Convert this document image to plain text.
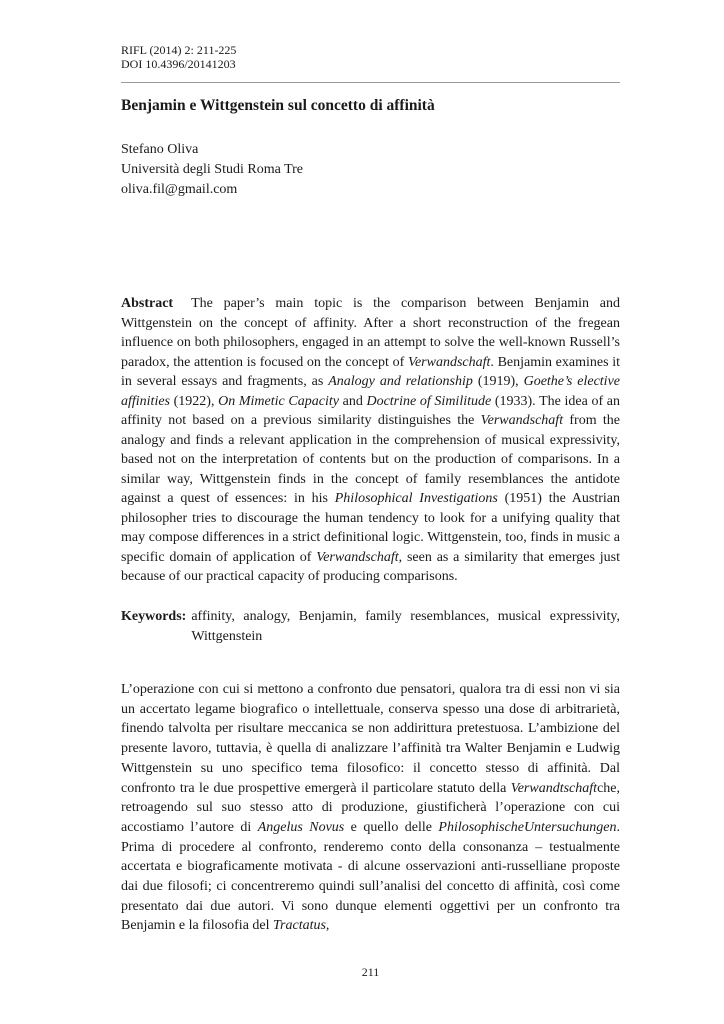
RIFL (2014) 2: 211-225
DOI 10.4396/20141203
Benjamin e Wittgenstein sul concetto di affinità
Stefano Oliva
Università degli Studi Roma Tre
oliva.fil@gmail.com

Abstract The paper’s main topic is the comparison between Benjamin and Wittgenstein on the concept of affinity. After a short reconstruction of the fregean influence on both philosophers, engaged in an attempt to solve the well-known Russell’s paradox, the attention is focused on the concept of Verwandschaft. Benjamin examines it in several essays and fragments, as Analogy and relationship (1919), Goethe’s elective affinities (1922), On Mimetic Capacity and Doctrine of Similitude (1933). The idea of an affinity not based on a previous similarity distinguishes the Verwandschaft from the analogy and finds a relevant application in the comprehension of musical expressivity, based not on the interpretation of contents but on the production of comparisons. In a similar way, Wittgenstein finds in the concept of family resemblances the antidote against a quest of essences: in his Philosophical Investigations (1951) the Austrian philosopher tries to discourage the human tendency to look for a unifying quality that may compose differences in a strict definitional logic. Wittgenstein, too, finds in music a specific domain of application of Verwandschaft, seen as a similarity that emerges just because of our practical capacity of producing comparisons.

Keywords: affinity, analogy, Benjamin, family resemblances, musical expressivity, Wittgenstein

L’operazione con cui si mettono a confronto due pensatori, qualora tra di essi non vi sia un accertato legame biografico o intellettuale, conserva spesso una dose di arbitrarietà, finendo talvolta per risultare meccanica se non addirittura pretestuosa. L’ambizione del presente lavoro, tuttavia, è quella di analizzare l’affinità tra Walter Benjamin e Ludwig Wittgenstein su uno specifico tema filosofico: il concetto stesso di affinità. Dal confronto tra le due prospettive emergerà il particolare statuto della Verwandtschaftche, retroagendo sul suo stesso atto di produzione, giustificherà l’operazione con cui accostiamo l’autore di Angelus Novus e quello delle PhilosophischeUntersuchungen. Prima di procedere al confronto, renderemo conto della consonanza – testualmente accertata e biograficamente motivata - di alcune osservazioni anti-russelliane proposte dai due filosofi; ci concentreremo quindi sull’analisi del concetto di affinità, così come presentato dai due autori. Vi sono dunque elementi oggettivi per un confronto tra Benjamin e la filosofia del Tractatus,

211
